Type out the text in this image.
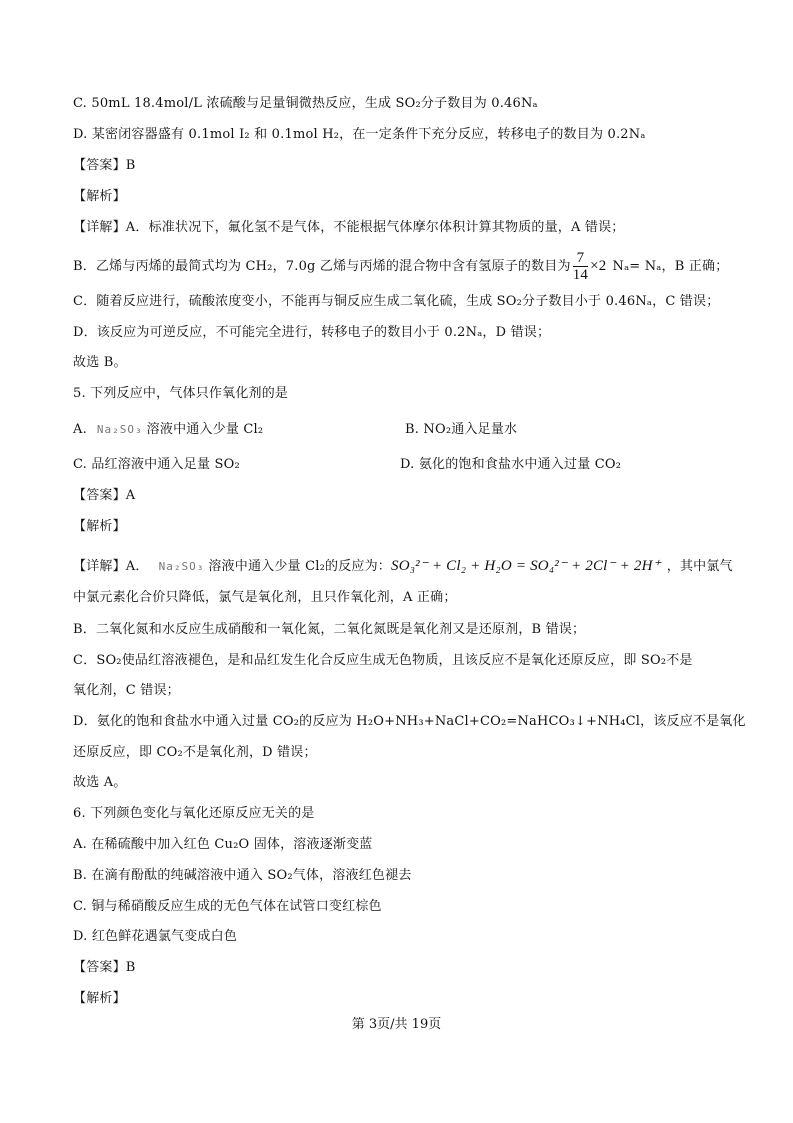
C. 50mL 18.4mol/L 浓硫酸与足量铜微热反应，生成 SO₂分子数目为 0.46Nₐ
D. 某密闭容器盛有 0.1mol I₂ 和 0.1mol H₂，在一定条件下充分反应，转移电子的数目为 0.2Nₐ
【答案】B
【解析】
【详解】A．标准状况下，氟化氢不是气体，不能根据气体摩尔体积计算其物质的量，A 错误；
B．乙烯与丙烯的最简式均为 CH₂，7.0g 乙烯与丙烯的混合物中含有氢原子的数目为 $\frac{7}{14} \times 2$ Nₐ= Nₐ，B 正确；
C．随着反应进行，硫酸浓度变小，不能再与铜反应生成二氧化硫，生成 SO₂分子数目小于 0.46Nₐ，C 错误；
D．该反应为可逆反应，不可能完全进行，转移电子的数目小于 0.2Nₐ，D 错误；
故选 B。
5. 下列反应中，气体只作氧化剂的是
A. Na₂SO₃ 溶液中通入少量 Cl₂	B. NO₂通入足量水
C. 品红溶液中通入足量 SO₂	D. 氨化的饱和食盐水中通入过量 CO₂
【答案】A
【解析】
【详解】A． Na₂SO₃ 溶液中通入少量 Cl₂的反应为：SO₃²⁻ + Cl₂ + H₂O = SO₄²⁻ + 2Cl⁻ + 2H⁺ ，其中氯气
中氯元素化合价只降低，氯气是氧化剂，且只作氧化剂，A 正确；
B．二氧化氮和水反应生成硝酸和一氧化氮，二氧化氮既是氧化剂又是还原剂，B 错误；
C．SO₂使品红溶液褪色，是和品红发生化合反应生成无色物质，且该反应不是氧化还原反应，即 SO₂不是
氧化剂，C 错误；
D．氨化的饱和食盐水中通入过量 CO₂的反应为 H₂O+NH₃+NaCl+CO₂=NaHCO₃↓+NH₄Cl，该反应不是氧化
还原反应，即 CO₂不是氧化剂，D 错误；
故选 A。
6. 下列颜色变化与氧化还原反应无关的是
A. 在稀硫酸中加入红色 Cu₂O 固体，溶液逐渐变蓝
B. 在滴有酚酞的纯碱溶液中通入 SO₂气体，溶液红色褪去
C. 铜与稀硝酸反应生成的无色气体在试管口变红棕色
D. 红色鲜花遇氯气变成白色
【答案】B
【解析】
第 3页/共 19页
